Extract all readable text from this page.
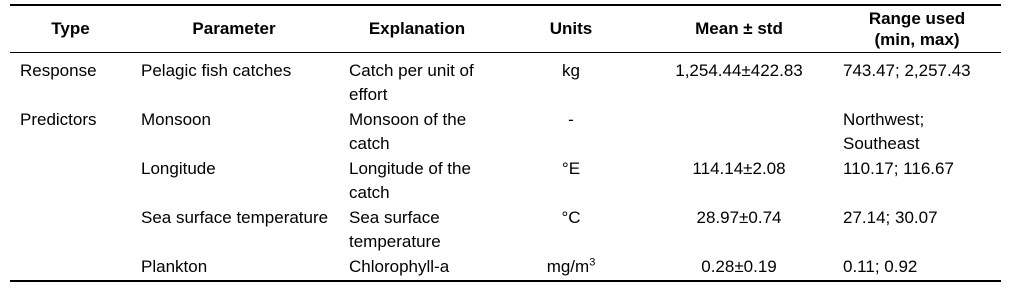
Type	Parameter	Explanation	Units	Mean ± std	Range used
(min, max)

Response	Pelagic fish catches	Catch per unit of effort	kg	1,254.44±422.83	743.47; 2,257.43
Predictors	Monsoon	Monsoon of the catch	-		Northwest; Southeast
	Longitude	Longitude of the catch	°E	114.14±2.08	110.17; 116.67
	Sea surface temperature	Sea surface temperature	°C	28.97±0.74	27.14; 30.07
	Plankton	Chlorophyll-a	$mg/m^3$	0.28±0.19	0.11; 0.92
